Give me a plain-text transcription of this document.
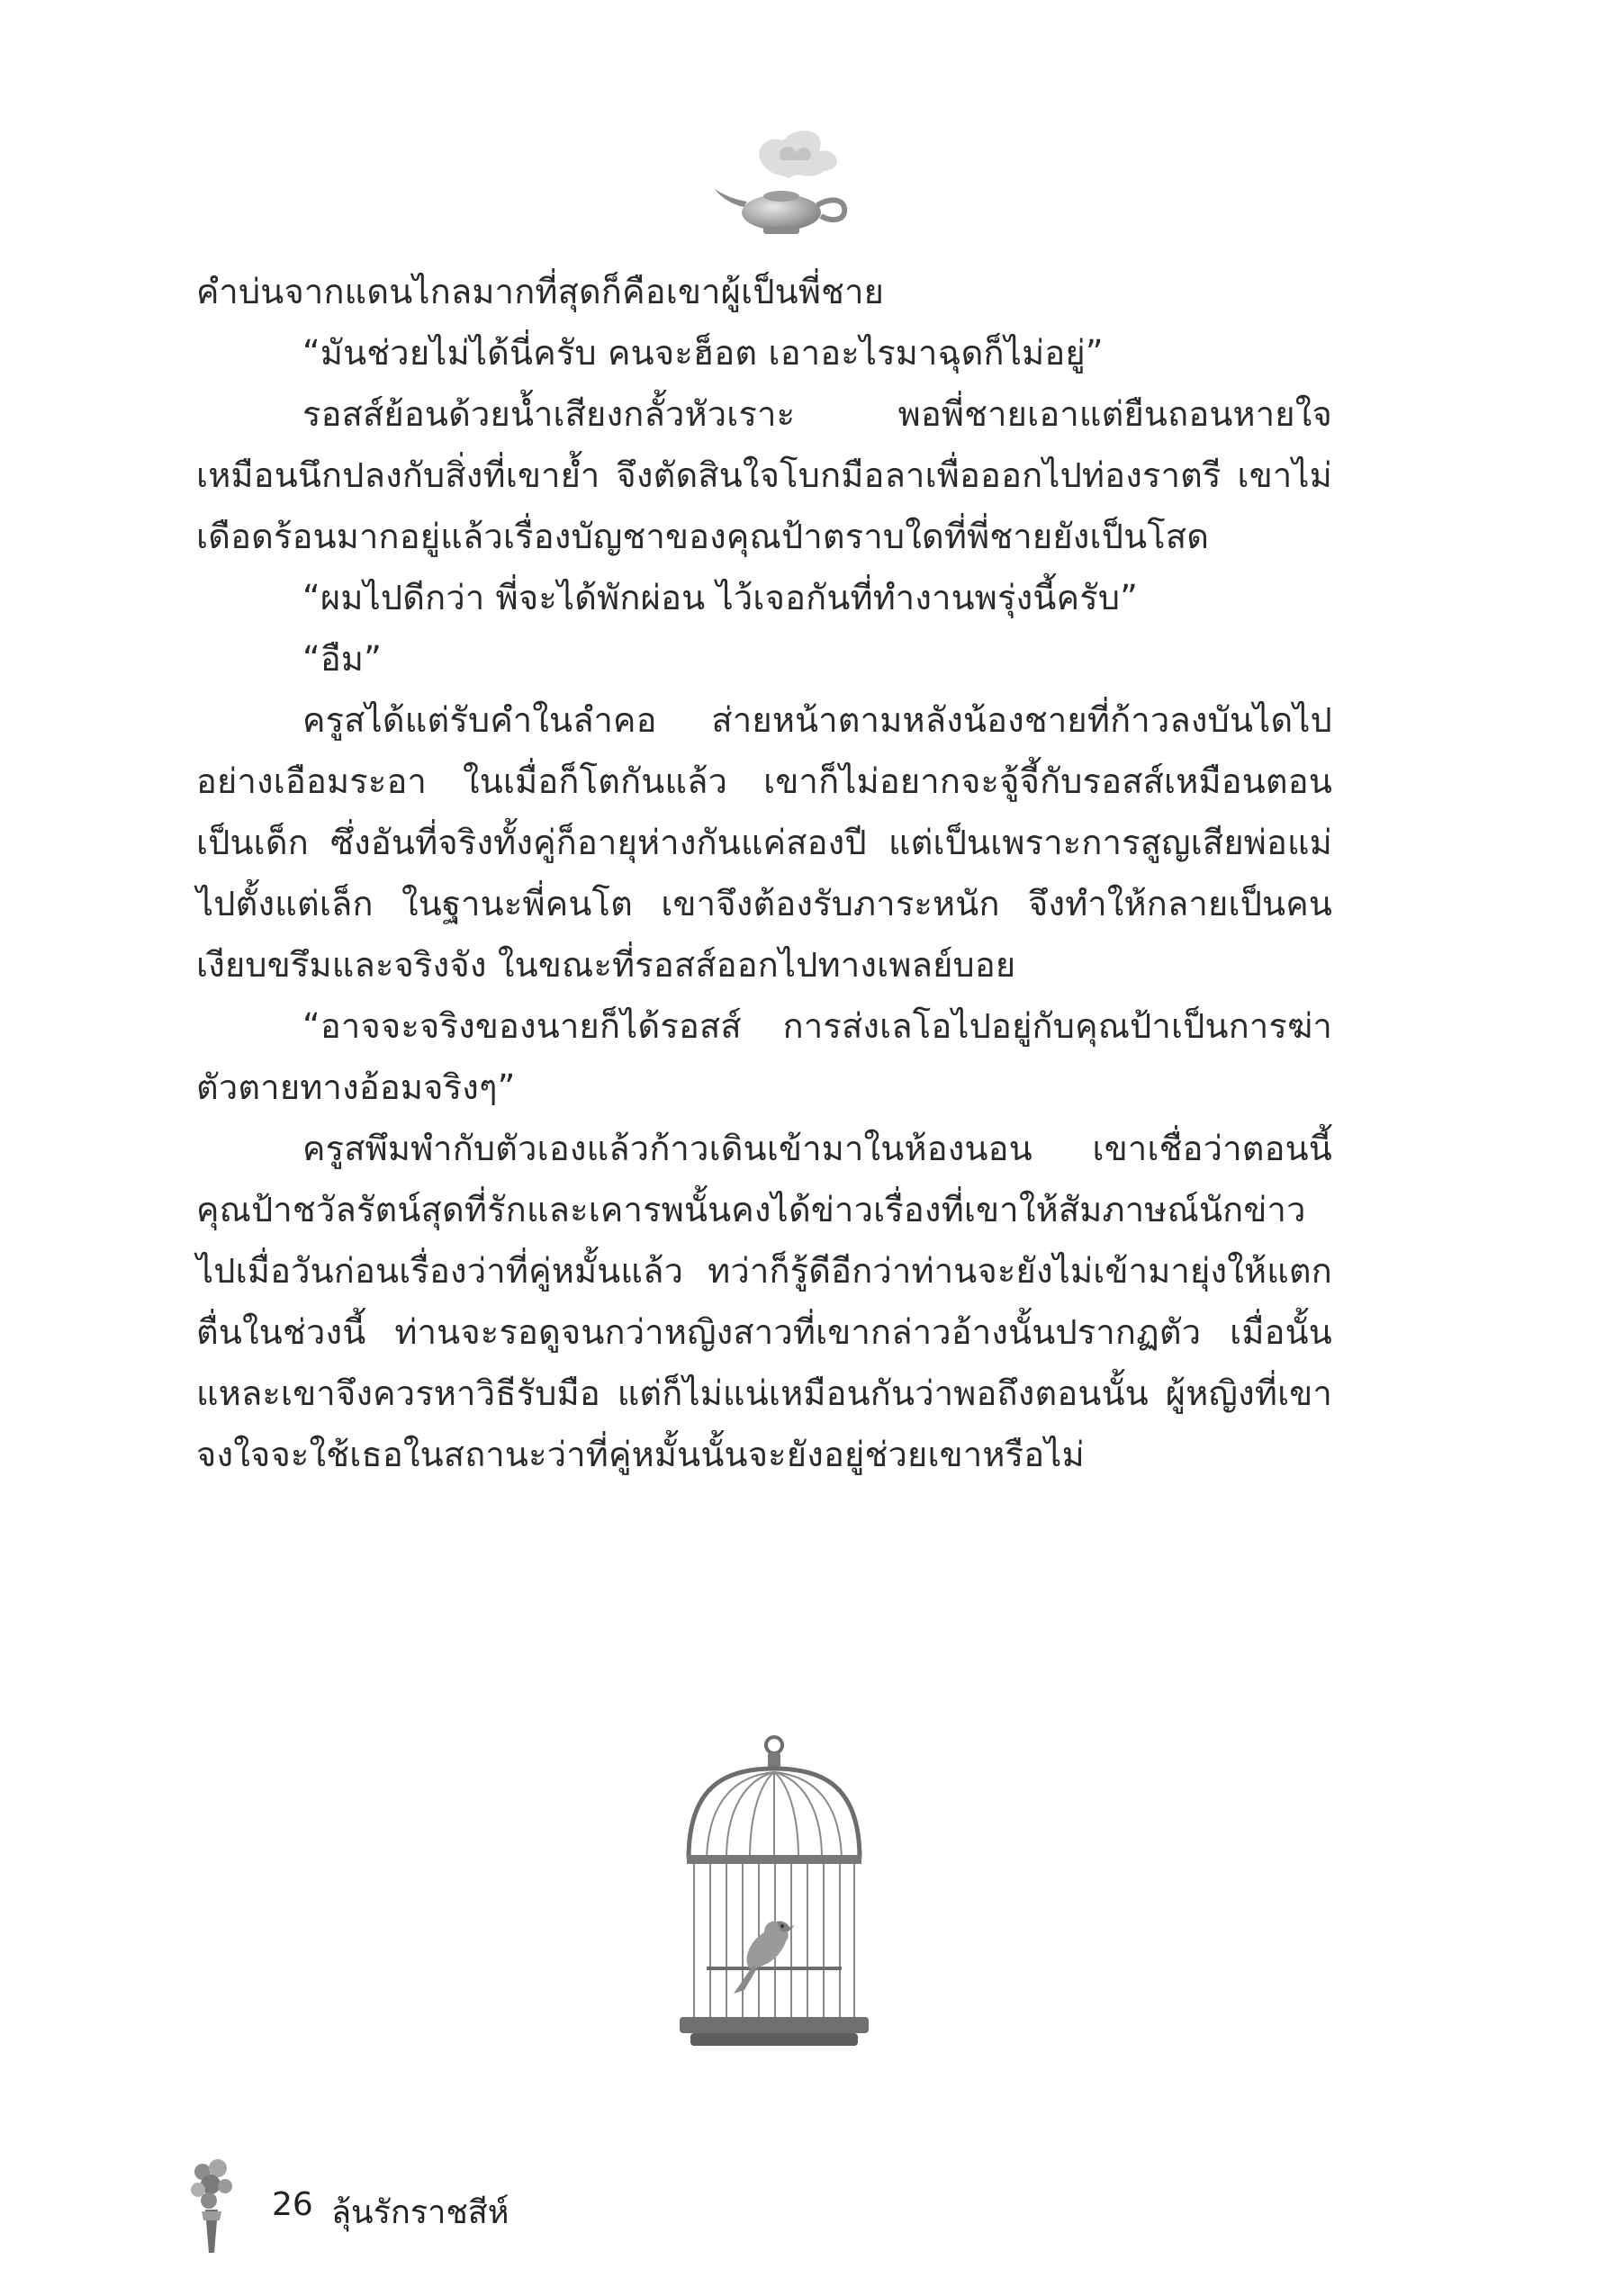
คำบ่นจากแดนไกลมากที่สุดก็คือเขาผู้เป็นพี่ชาย

“มันช่วยไม่ได้นี่ครับ คนจะฮ็อต เอาอะไรมาฉุดก็ไม่อยู่”

รอสส์ย้อนด้วยน้ำเสียงกลั้วหัวเราะ พอพี่ชายเอาแต่ยืนถอนหายใจเหมือนนึกปลงกับสิ่งที่เขาย้ำ จึงตัดสินใจโบกมือลาเพื่อออกไปท่องราตรี เขาไม่เดือดร้อนมากอยู่แล้วเรื่องบัญชาของคุณป้าตราบใดที่พี่ชายยังเป็นโสด

“ผมไปดีกว่า พี่จะได้พักผ่อน ไว้เจอกันที่ทำงานพรุ่งนี้ครับ”

“อืม”

ครูสได้แต่รับคำในลำคอ ส่ายหน้าตามหลังน้องชายที่ก้าวลงบันไดไปอย่างเอือมระอา ในเมื่อก็โตกันแล้ว เขาก็ไม่อยากจะจู้จี้กับรอสส์เหมือนตอนเป็นเด็ก ซึ่งอันที่จริงทั้งคู่ก็อายุห่างกันแค่สองปี แต่เป็นเพราะการสูญเสียพ่อแม่ไปตั้งแต่เล็ก ในฐานะพี่คนโต เขาจึงต้องรับภาระหนัก จึงทำให้กลายเป็นคนเงียบขรึมและจริงจัง ในขณะที่รอสส์ออกไปทางเพลย์บอย

“อาจจะจริงของนายก็ได้รอสส์ การส่งเลโอไปอยู่กับคุณป้าเป็นการฆ่าตัวตายทางอ้อมจริงๆ”

ครูสพึมพำกับตัวเองแล้วก้าวเดินเข้ามาในห้องนอน เขาเชื่อว่าตอนนี้คุณป้าชวัลรัตน์สุดที่รักและเคารพนั้นคงได้ข่าวเรื่องที่เขาให้สัมภาษณ์นักข่าวไปเมื่อวันก่อนเรื่องว่าที่คู่หมั้นแล้ว ทว่าก็รู้ดีอีกว่าท่านจะยังไม่เข้ามายุ่งให้แตกตื่นในช่วงนี้ ท่านจะรอดูจนกว่าหญิงสาวที่เขากล่าวอ้างนั้นปรากฏตัว เมื่อนั้นแหละเขาจึงควรหาวิธีรับมือ แต่ก็ไม่แน่เหมือนกันว่าพอถึงตอนนั้น ผู้หญิงที่เขาจงใจจะใช้เธอในสถานะว่าที่คู่หมั้นนั้นจะยังอยู่ช่วยเขาหรือไม่

26 ลุ้นรักราชสีห์
